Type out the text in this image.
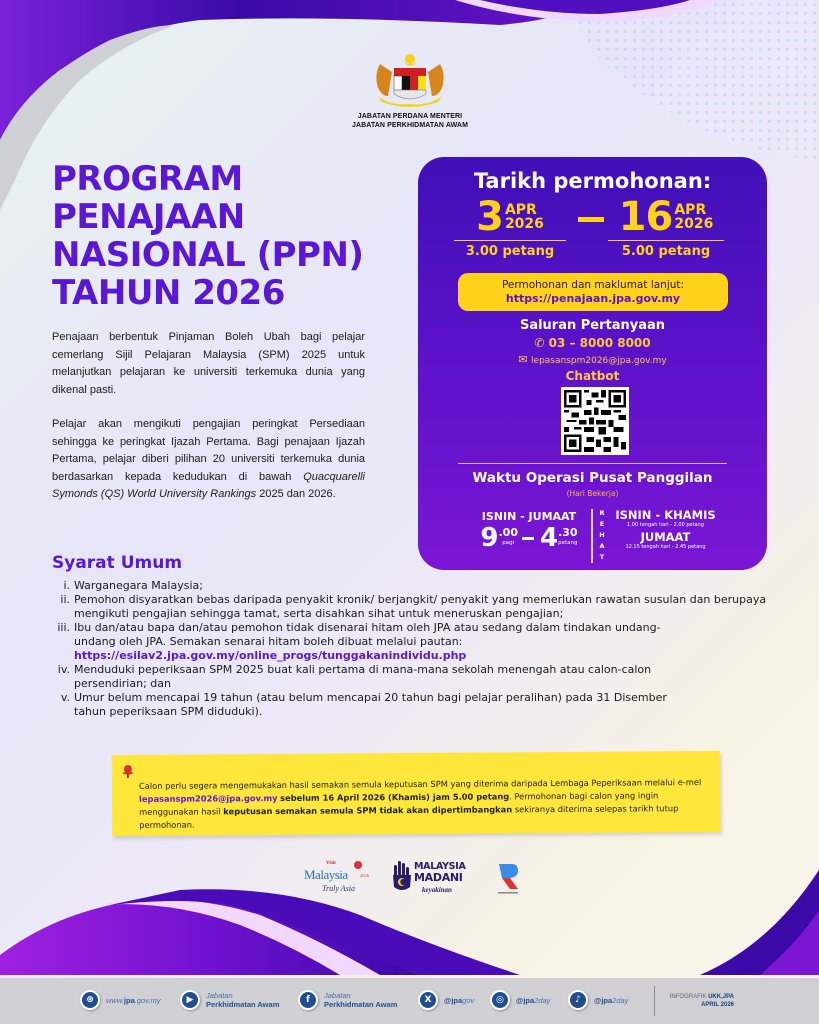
JABATAN PERDANA MENTERI
JABATAN PERKHIDMATAN AWAM
PROGRAM
PENAJAAN
NASIONAL (PPN)
TAHUN 2026

Penajaan berbentuk Pinjaman Boleh Ubah bagi pelajar cemerlang Sijil Pelajaran Malaysia (SPM) 2025 untuk melanjutkan pelajaran ke universiti terkemuka dunia yang dikenal pasti.

Pelajar akan mengikuti pengajian peringkat Persediaan sehingga ke peringkat Ijazah Pertama. Bagi penajaan Ijazah Pertama, pelajar diberi pilihan 20 universiti terkemuka dunia berdasarkan kepada kedudukan di bawah Quacquarelli Symonds (QS) World University Rankings 2025 dan 2026.

Tarikh permohonan:
3 APR
2026
3.00 petang
16 APR
2026
5.00 petang
Permohonan dan maklumat lanjut:
https://penajaan.jpa.gov.my
Saluran Pertanyaan
✆ 03 – 8000 8000
✉ lepasanspm2026@jpa.gov.my
Chatbot
Waktu Operasi Pusat Panggilan
(Hari Bekerja)
ISNIN - JUMAAT
9 .00
pagi 4 .30
petang
R
E
H
A
T
ISNIN - KHAMIS
1.00 tengah hari - 2.00 petang
JUMAAT
12.15 tengah hari - 2.45 petang
Syarat Umum
i. Warganegara Malaysia;
ii. Pemohon disyaratkan bebas daripada penyakit kronik/ berjangkit/ penyakit yang memerlukan rawatan susulan dan berupaya mengikuti pengajian sehingga tamat, serta disahkan sihat untuk meneruskan pengajian;
iii. Ibu dan/atau bapa dan/atau pemohon tidak disenarai hitam oleh JPA atau sedang dalam tindakan undang-undang oleh JPA. Semakan senarai hitam boleh dibuat melalui pautan:
https://esilav2.jpa.gov.my/online_progs/tunggakanindividu.php
iv. Menduduki peperiksaan SPM 2025 buat kali pertama di mana-mana sekolah menengah atau calon-calon persendirian; dan
v. Umur belum mencapai 19 tahun (atau belum mencapai 20 tahun bagi pelajar peralihan) pada 31 Disember tahun peperiksaan SPM diduduki).
Calon perlu segera mengemukakan hasil semakan semula keputusan SPM yang diterima daripada Lembaga Peperiksaan melalui e-mel lepasanspm2026@jpa.gov.my sebelum 16 April 2026 (Khamis) jam 5.00 petang. Permohonan bagi calon yang ingin menggunakan hasil keputusan semakan semula SPM tidak akan dipertimbangkan sekiranya diterima selepas tarikh tutup permohonan.
Visit
Malaysia	2026
Truly Asia
MALAYSIA
MADANI
keyakinan
⊕	www.jpa.gov.my	▶	Jabatan
Perkhidmatan Awam	f	Jabatan
Perkhidmatan Awam	X	@jpagov	◎	@jpa2day	♪	@jpa2day	INFOGRAFIK UKK,JPA
APRIL 2026
